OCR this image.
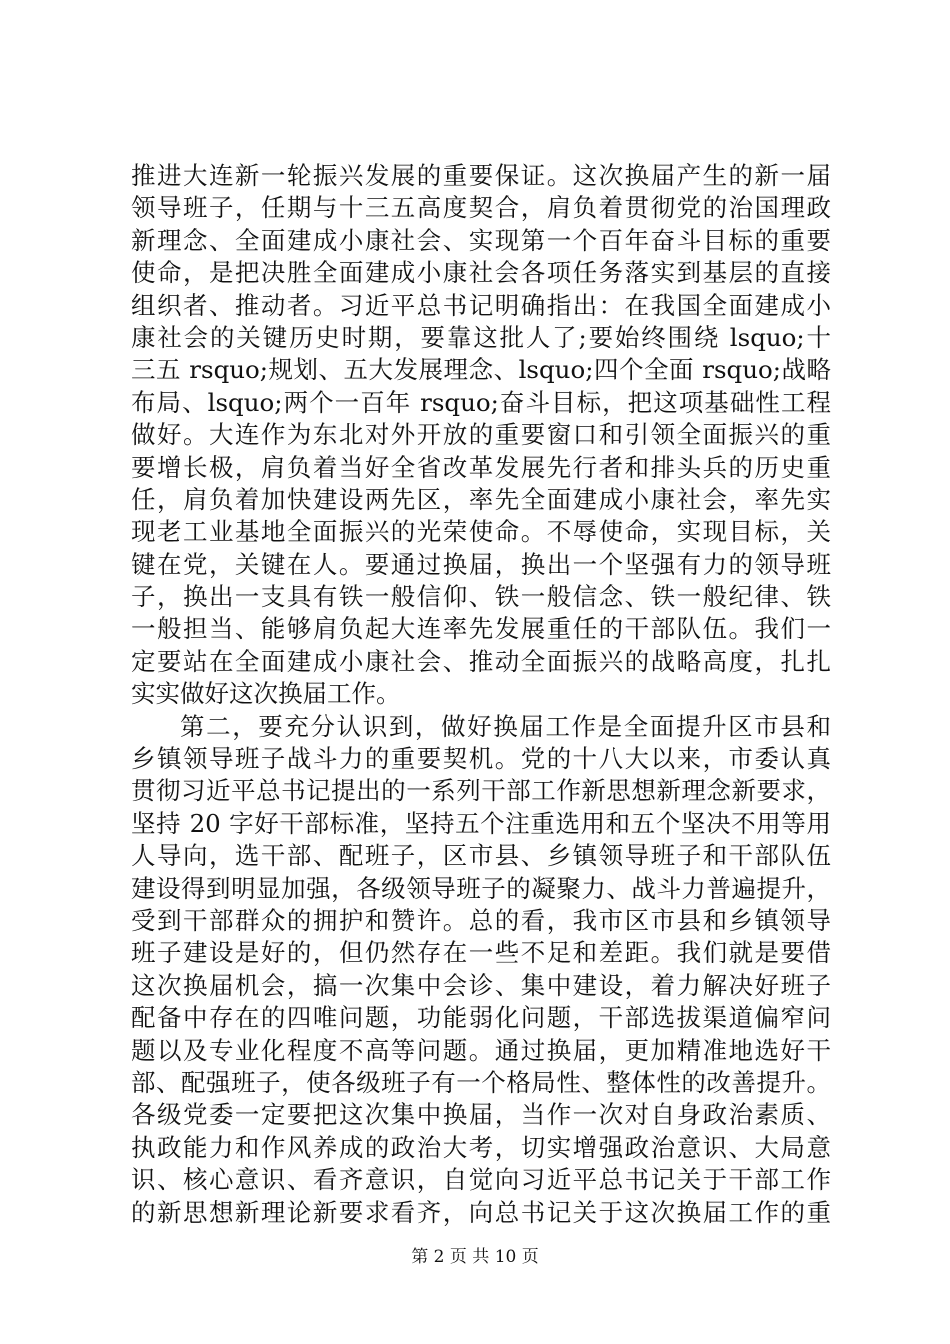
推进大连新一轮振兴发展的重要保证。这次换届产生的新一届
领导班子，任期与十三五高度契合，肩负着贯彻党的治国理政
新理念、全面建成小康社会、实现第一个百年奋斗目标的重要
使命，是把决胜全面建成小康社会各项任务落实到基层的直接
组织者、推动者。习近平总书记明确指出：在我国全面建成小
康社会的关键历史时期，要靠这批人了;要始终围绕 lsquo;十
三五 rsquo;规划、五大发展理念、lsquo;四个全面 rsquo;战略
布局、lsquo;两个一百年 rsquo;奋斗目标，把这项基础性工程
做好。大连作为东北对外开放的重要窗口和引领全面振兴的重
要增长极，肩负着当好全省改革发展先行者和排头兵的历史重
任，肩负着加快建设两先区，率先全面建成小康社会，率先实
现老工业基地全面振兴的光荣使命。不辱使命，实现目标，关
键在党，关键在人。要通过换届，换出一个坚强有力的领导班
子，换出一支具有铁一般信仰、铁一般信念、铁一般纪律、铁
一般担当、能够肩负起大连率先发展重任的干部队伍。我们一
定要站在全面建成小康社会、推动全面振兴的战略高度，扎扎
实实做好这次换届工作。
第二，要充分认识到，做好换届工作是全面提升区市县和
乡镇领导班子战斗力的重要契机。党的十八大以来，市委认真
贯彻习近平总书记提出的一系列干部工作新思想新理念新要求，
坚持 20 字好干部标准，坚持五个注重选用和五个坚决不用等用
人导向，选干部、配班子，区市县、乡镇领导班子和干部队伍
建设得到明显加强，各级领导班子的凝聚力、战斗力普遍提升，
受到干部群众的拥护和赞许。总的看，我市区市县和乡镇领导
班子建设是好的，但仍然存在一些不足和差距。我们就是要借
这次换届机会，搞一次集中会诊、集中建设，着力解决好班子
配备中存在的四唯问题，功能弱化问题，干部选拔渠道偏窄问
题以及专业化程度不高等问题。通过换届，更加精准地选好干
部、配强班子，使各级班子有一个格局性、整体性的改善提升。
各级党委一定要把这次集中换届，当作一次对自身政治素质、
执政能力和作风养成的政治大考，切实增强政治意识、大局意
识、核心意识、看齐意识，自觉向习近平总书记关于干部工作
的新思想新理论新要求看齐，向总书记关于这次换届工作的重
第 2 页 共 10 页
